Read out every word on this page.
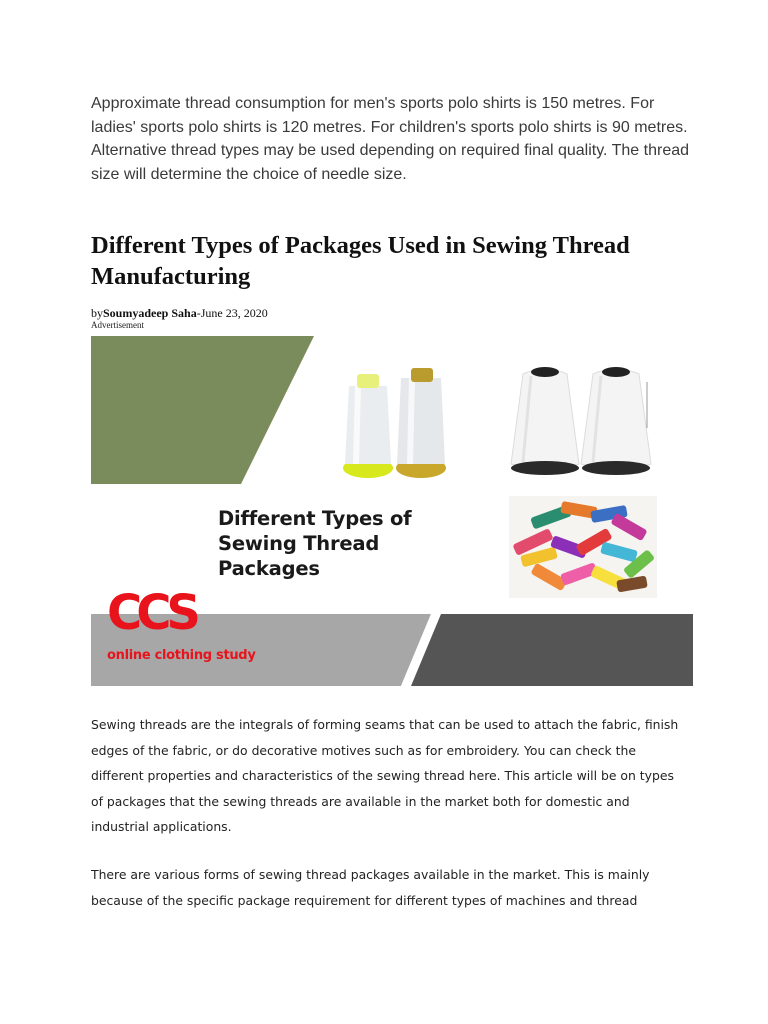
Approximate thread consumption for men's sports polo shirts is 150 metres. For ladies' sports polo shirts is 120 metres. For children's sports polo shirts is 90 metres. Alternative thread types may be used depending on required final quality. The thread size will determine the choice of needle size.

Different Types of Packages Used in Sewing Thread Manufacturing

bySoumyadeep Saha-June 23, 2020

Advertisement

Different Types of
Sewing Thread
Packages

CCS

online clothing study

Sewing threads are the integrals of forming seams that can be used to attach the fabric, finish edges of the fabric, or do decorative motives such as for embroidery. You can check the different properties and characteristics of the sewing thread here. This article will be on types of packages that the sewing threads are available in the market both for domestic and industrial applications.

There are various forms of sewing thread packages available in the market. This is mainly because of the specific package requirement for different types of machines and thread
